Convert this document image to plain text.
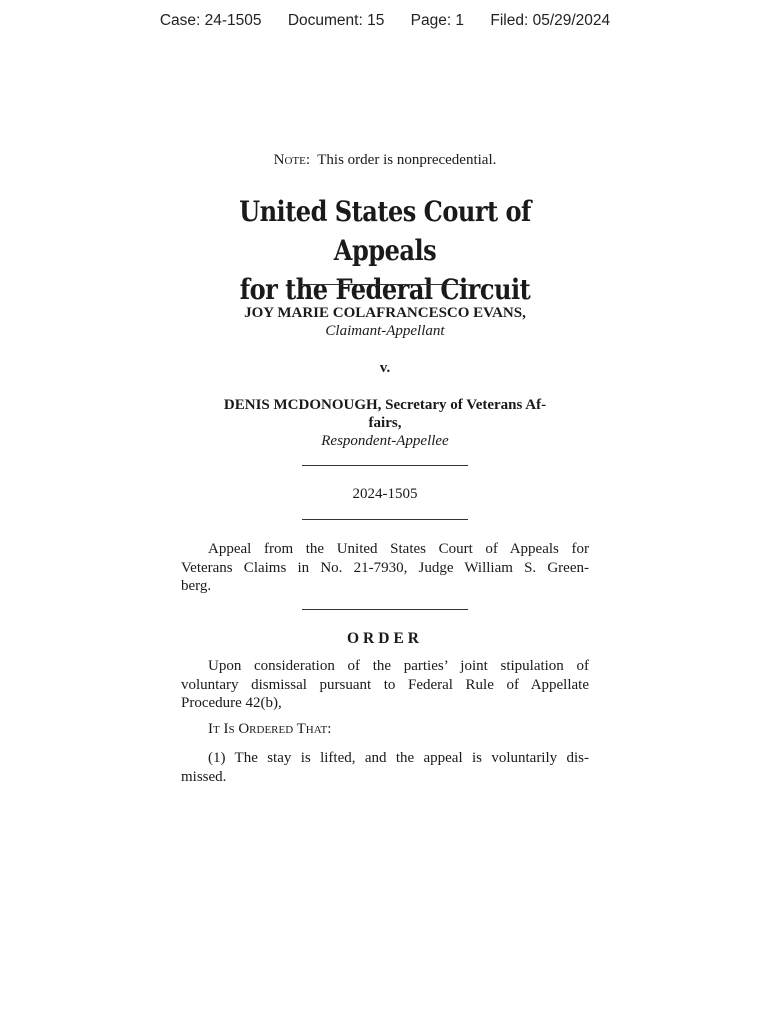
Case: 24-1505 Document: 15 Page: 1 Filed: 05/29/2024
Note: This order is nonprecedential.
United States Court of Appeals
for the Federal Circuit
JOY MARIE COLAFRANCESCO EVANS,
Claimant-Appellant
v.
DENIS MCDONOUGH, Secretary of Veterans Af-
fairs,
Respondent-Appellee
2024-1505
Appeal from the United States Court of Appeals for
Veterans Claims in No. 21-7930, Judge William S. Green-
berg.
ORDER
Upon consideration of the parties’ joint stipulation of
voluntary dismissal pursuant to Federal Rule of Appellate
Procedure 42(b),
It Is Ordered That:
(1) The stay is lifted, and the appeal is voluntarily dis-
missed.
